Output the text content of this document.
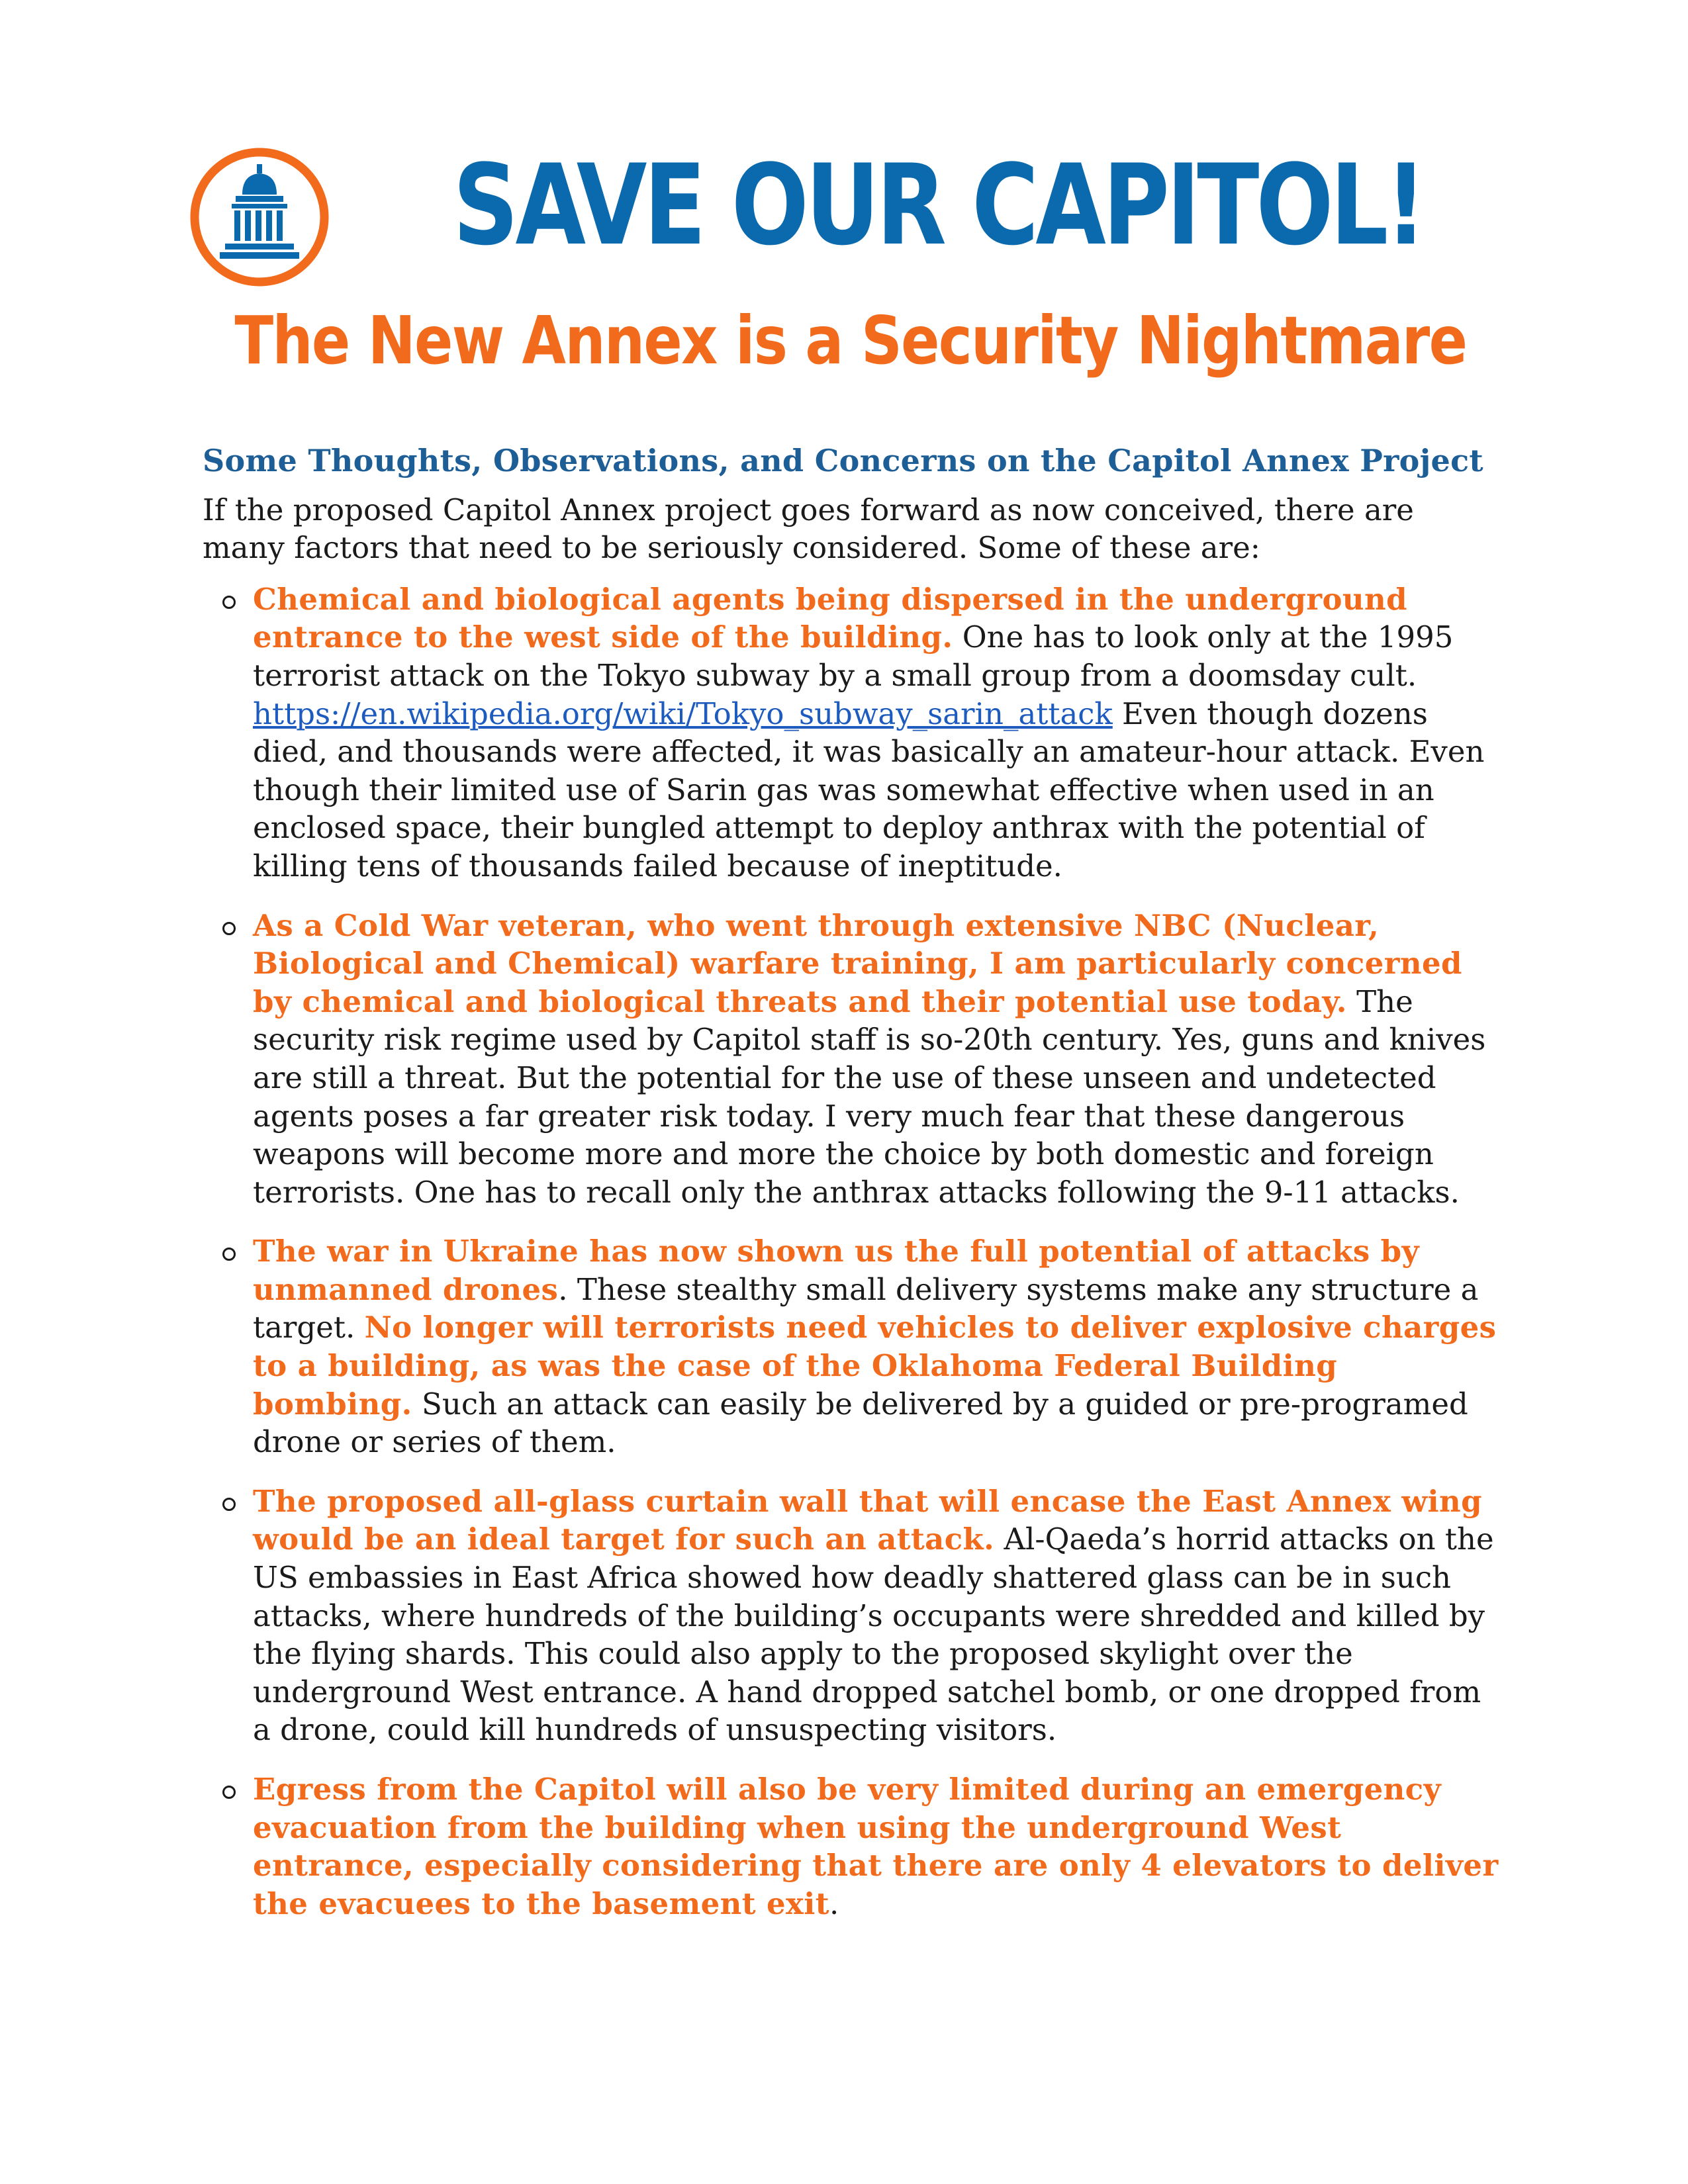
SAVE OUR CAPITOL!
The New Annex is a Security Nightmare
Some Thoughts, Observations, and Concerns on the Capitol Annex Project

If the proposed Capitol Annex project goes forward as now conceived, there are many factors that need to be seriously considered. Some of these are:

Chemical and biological agents being dispersed in the underground entrance to the west side of the building. One has to look only at the 1995 terrorist attack on the Tokyo subway by a small group from a doomsday cult. https://en.wikipedia.org/wiki/Tokyo_subway_sarin_attack Even though dozens died, and thousands were affected, it was basically an amateur-hour attack. Even though their limited use of Sarin gas was somewhat effective when used in an enclosed space, their bungled attempt to deploy anthrax with the potential of killing tens of thousands failed because of ineptitude.
As a Cold War veteran, who went through extensive NBC (Nuclear, Biological and Chemical) warfare training, I am particularly concerned by chemical and biological threats and their potential use today. The security risk regime used by Capitol staff is so-20th century. Yes, guns and knives are still a threat. But the potential for the use of these unseen and undetected agents poses a far greater risk today. I very much fear that these dangerous weapons will become more and more the choice by both domestic and foreign terrorists. One has to recall only the anthrax attacks following the 9-11 attacks.
The war in Ukraine has now shown us the full potential of attacks by unmanned drones. These stealthy small delivery systems make any structure a target. No longer will terrorists need vehicles to deliver explosive charges to a building, as was the case of the Oklahoma Federal Building bombing. Such an attack can easily be delivered by a guided or pre-programed drone or series of them.
The proposed all-glass curtain wall that will encase the East Annex wing would be an ideal target for such an attack. Al-Qaeda’s horrid attacks on the US embassies in East Africa showed how deadly shattered glass can be in such attacks, where hundreds of the building’s occupants were shredded and killed by the flying shards. This could also apply to the proposed skylight over the underground West entrance. A hand dropped satchel bomb, or one dropped from a drone, could kill hundreds of unsuspecting visitors.
Egress from the Capitol will also be very limited during an emergency evacuation from the building when using the underground West entrance, especially considering that there are only 4 elevators to deliver the evacuees to the basement exit.
